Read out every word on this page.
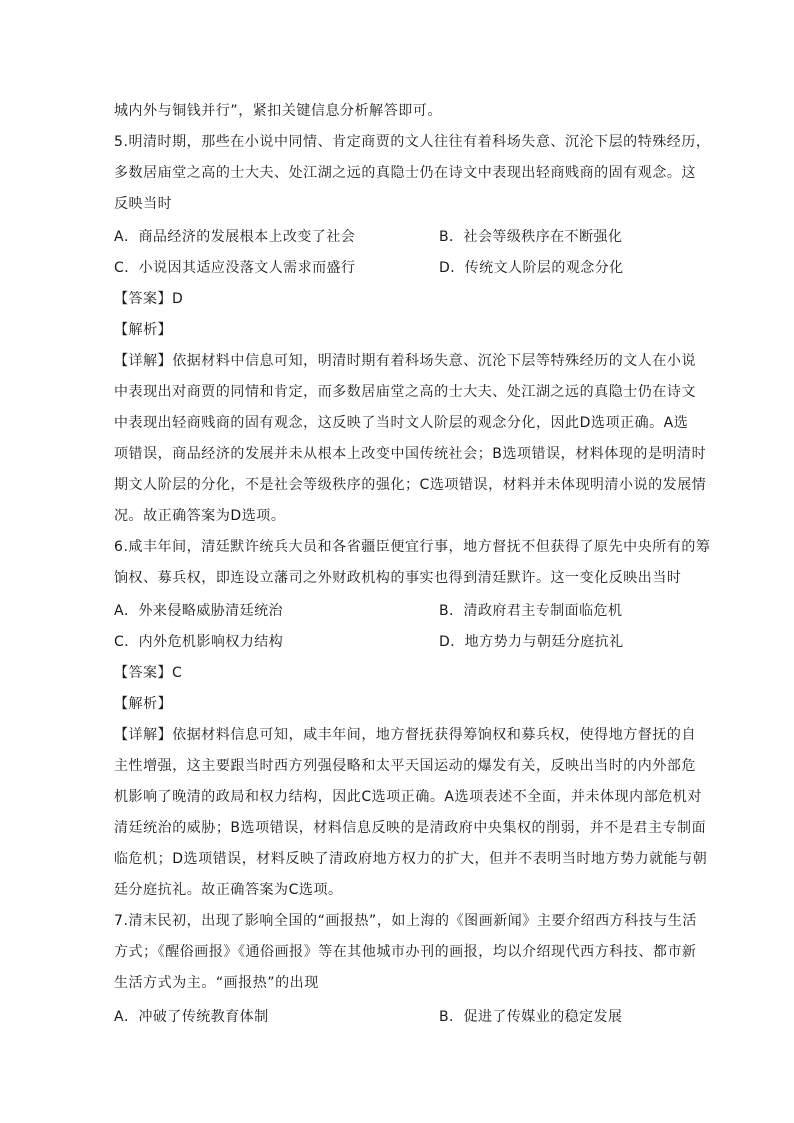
城内外与铜钱并行”，紧扣关键信息分析解答即可。
5.明清时期，那些在小说中同情、肯定商贾的文人往往有着科场失意、沉沦下层的特殊经历，
多数居庙堂之高的士大夫、处江湖之远的真隐士仍在诗文中表现出轻商贱商的固有观念。这
反映当时
A．商品经济的发展根本上改变了社会	B．社会等级秩序在不断强化
C．小说因其适应没落文人需求而盛行	D．传统文人阶层的观念分化
【答案】D
【解析】
【详解】依据材料中信息可知，明清时期有着科场失意、沉沦下层等特殊经历的文人在小说
中表现出对商贾的同情和肯定，而多数居庙堂之高的士大夫、处江湖之远的真隐士仍在诗文
中表现出轻商贱商的固有观念，这反映了当时文人阶层的观念分化，因此D选项正确。A选
项错误，商品经济的发展并未从根本上改变中国传统社会；B选项错误，材料体现的是明清时
期文人阶层的分化，不是社会等级秩序的强化；C选项错误，材料并未体现明清小说的发展情
况。故正确答案为D选项。
6.咸丰年间，清廷默许统兵大员和各省疆臣便宜行事，地方督抚不但获得了原先中央所有的筹
饷权、募兵权，即连设立藩司之外财政机构的事实也得到清廷默许。这一变化反映出当时
A．外来侵略威胁清廷统治	B．清政府君主专制面临危机
C．内外危机影响权力结构	D．地方势力与朝廷分庭抗礼
【答案】C
【解析】
【详解】依据材料信息可知，咸丰年间，地方督抚获得筹饷权和募兵权，使得地方督抚的自
主性增强，这主要跟当时西方列强侵略和太平天国运动的爆发有关，反映出当时的内外部危
机影响了晚清的政局和权力结构，因此C选项正确。A选项表述不全面，并未体现内部危机对
清廷统治的威胁；B选项错误，材料信息反映的是清政府中央集权的削弱，并不是君主专制面
临危机；D选项错误，材料反映了清政府地方权力的扩大，但并不表明当时地方势力就能与朝
廷分庭抗礼。故正确答案为C选项。
7.清末民初，出现了影响全国的“画报热”，如上海的《图画新闻》主要介绍西方科技与生活
方式；《醒俗画报》《通俗画报》等在其他城市办刊的画报，均以介绍现代西方科技、都市新
生活方式为主。“画报热”的出现
A．冲破了传统教育体制	B．促进了传媒业的稳定发展
